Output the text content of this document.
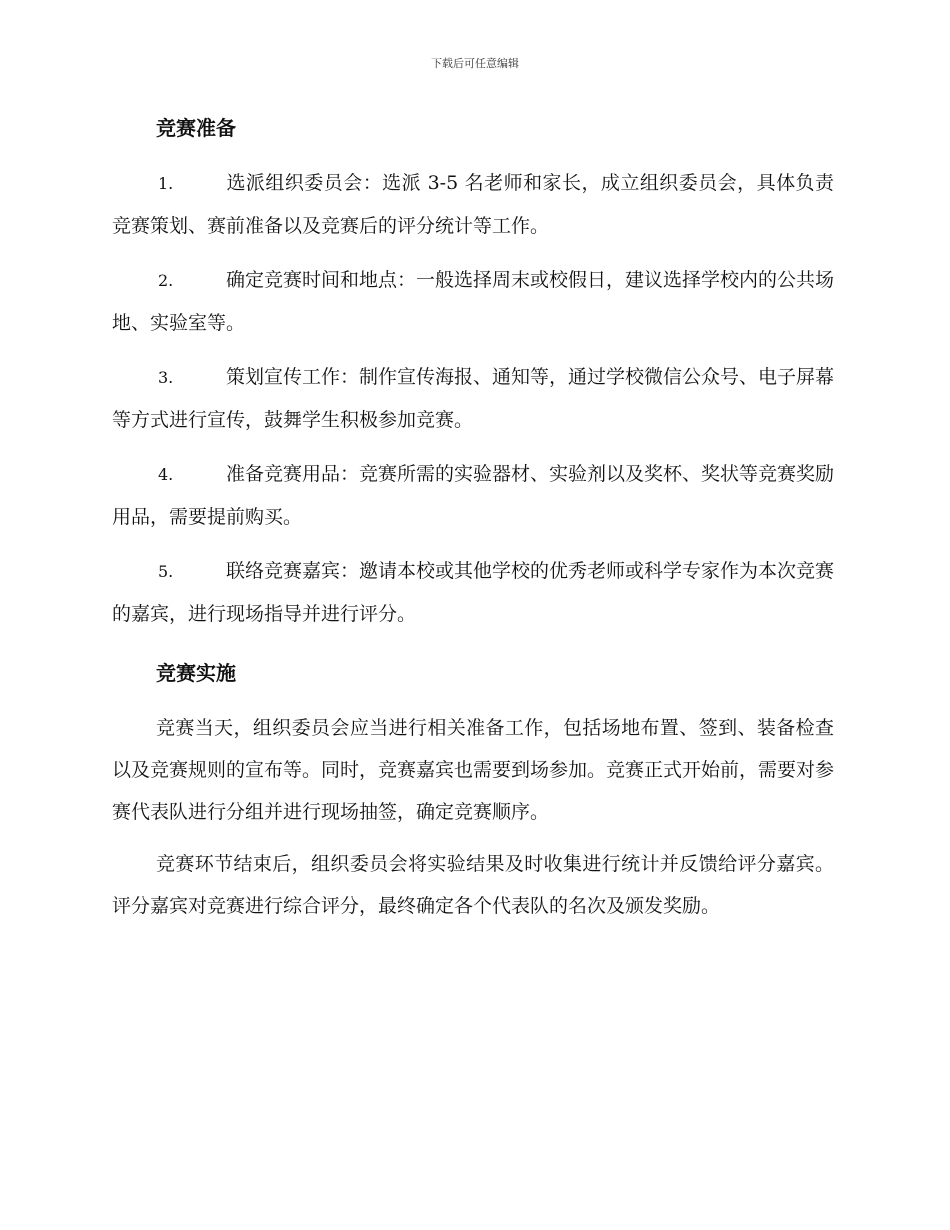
下载后可任意编辑
竞赛准备
1.	选派组织委员会：选派 3-5 名老师和家长，成立组织委员会，具体负责竞赛策划、赛前准备以及竞赛后的评分统计等工作。
2.	确定竞赛时间和地点：一般选择周末或校假日，建议选择学校内的公共场地、实验室等。
3.	策划宣传工作：制作宣传海报、通知等，通过学校微信公众号、电子屏幕等方式进行宣传，鼓舞学生积极参加竞赛。
4.	准备竞赛用品：竞赛所需的实验器材、实验剂以及奖杯、奖状等竞赛奖励用品，需要提前购买。
5.	联络竞赛嘉宾：邀请本校或其他学校的优秀老师或科学专家作为本次竞赛的嘉宾，进行现场指导并进行评分。
竞赛实施

竞赛当天，组织委员会应当进行相关准备工作，包括场地布置、签到、装备检查以及竞赛规则的宣布等。同时，竞赛嘉宾也需要到场参加。竞赛正式开始前，需要对参赛代表队进行分组并进行现场抽签，确定竞赛顺序。

竞赛环节结束后，组织委员会将实验结果及时收集进行统计并反馈给评分嘉宾。评分嘉宾对竞赛进行综合评分，最终确定各个代表队的名次及颁发奖励。
